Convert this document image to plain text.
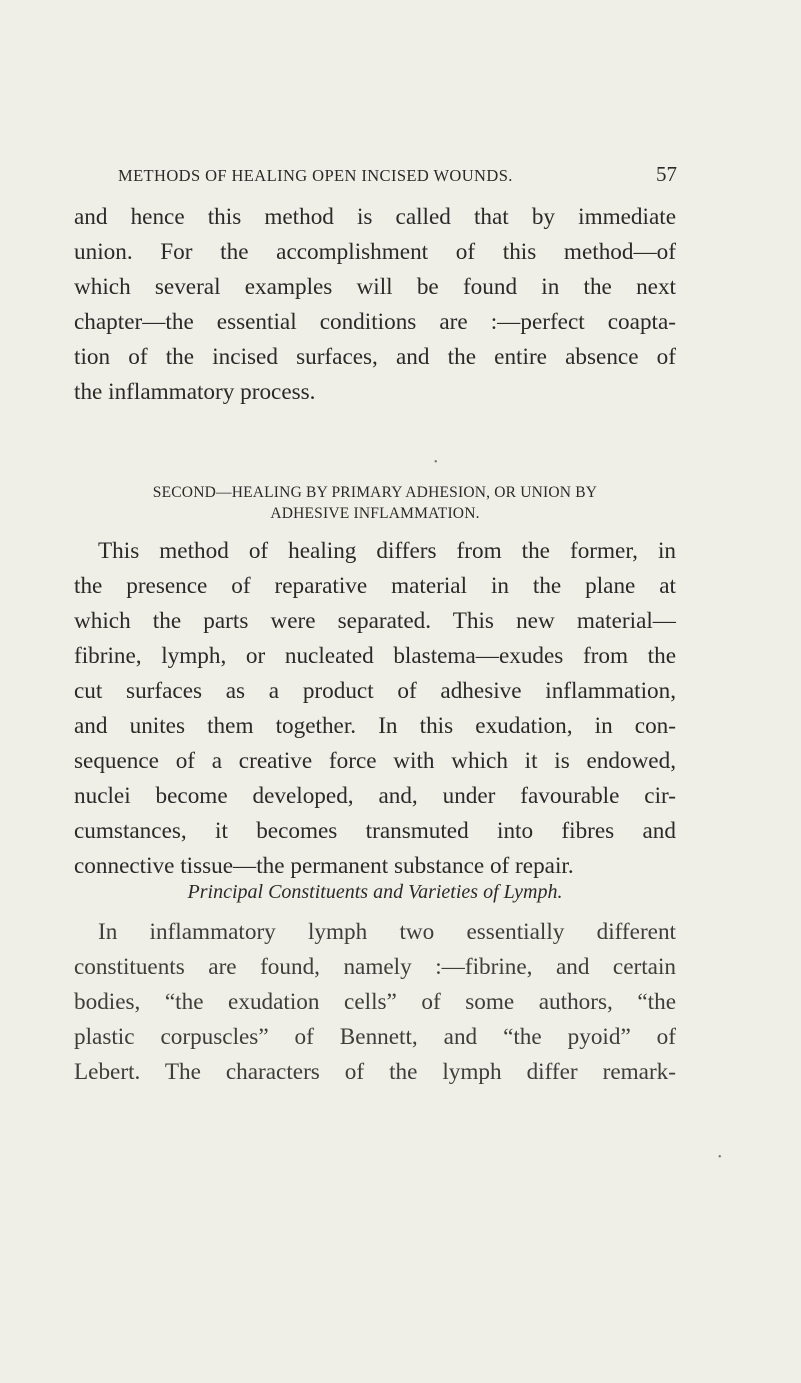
METHODS OF HEALING OPEN INCISED WOUNDS.	57
and hence this method is called that by immediate
union. For the accomplishment of this method—of
which several examples will be found in the next
chapter—the essential conditions are :—perfect coapta-
tion of the incised surfaces, and the entire absence of
the inflammatory process.
•
SECOND—HEALING BY PRIMARY ADHESION, OR UNION BY
ADHESIVE INFLAMMATION.
This method of healing differs from the former, in
the presence of reparative material in the plane at
which the parts were separated. This new material—
fibrine, lymph, or nucleated blastema—exudes from the
cut surfaces as a product of adhesive inflammation,
and unites them together. In this exudation, in con-
sequence of a creative force with which it is endowed,
nuclei become developed, and, under favourable cir-
cumstances, it becomes transmuted into fibres and
connective tissue—the permanent substance of repair.
Principal Constituents and Varieties of Lymph.
In inflammatory lymph two essentially different
constituents are found, namely :—fibrine, and certain
bodies, “the exudation cells” of some authors, “the
plastic corpuscles” of Bennett, and “the pyoid” of
Lebert. The characters of the lymph differ remark-
•
